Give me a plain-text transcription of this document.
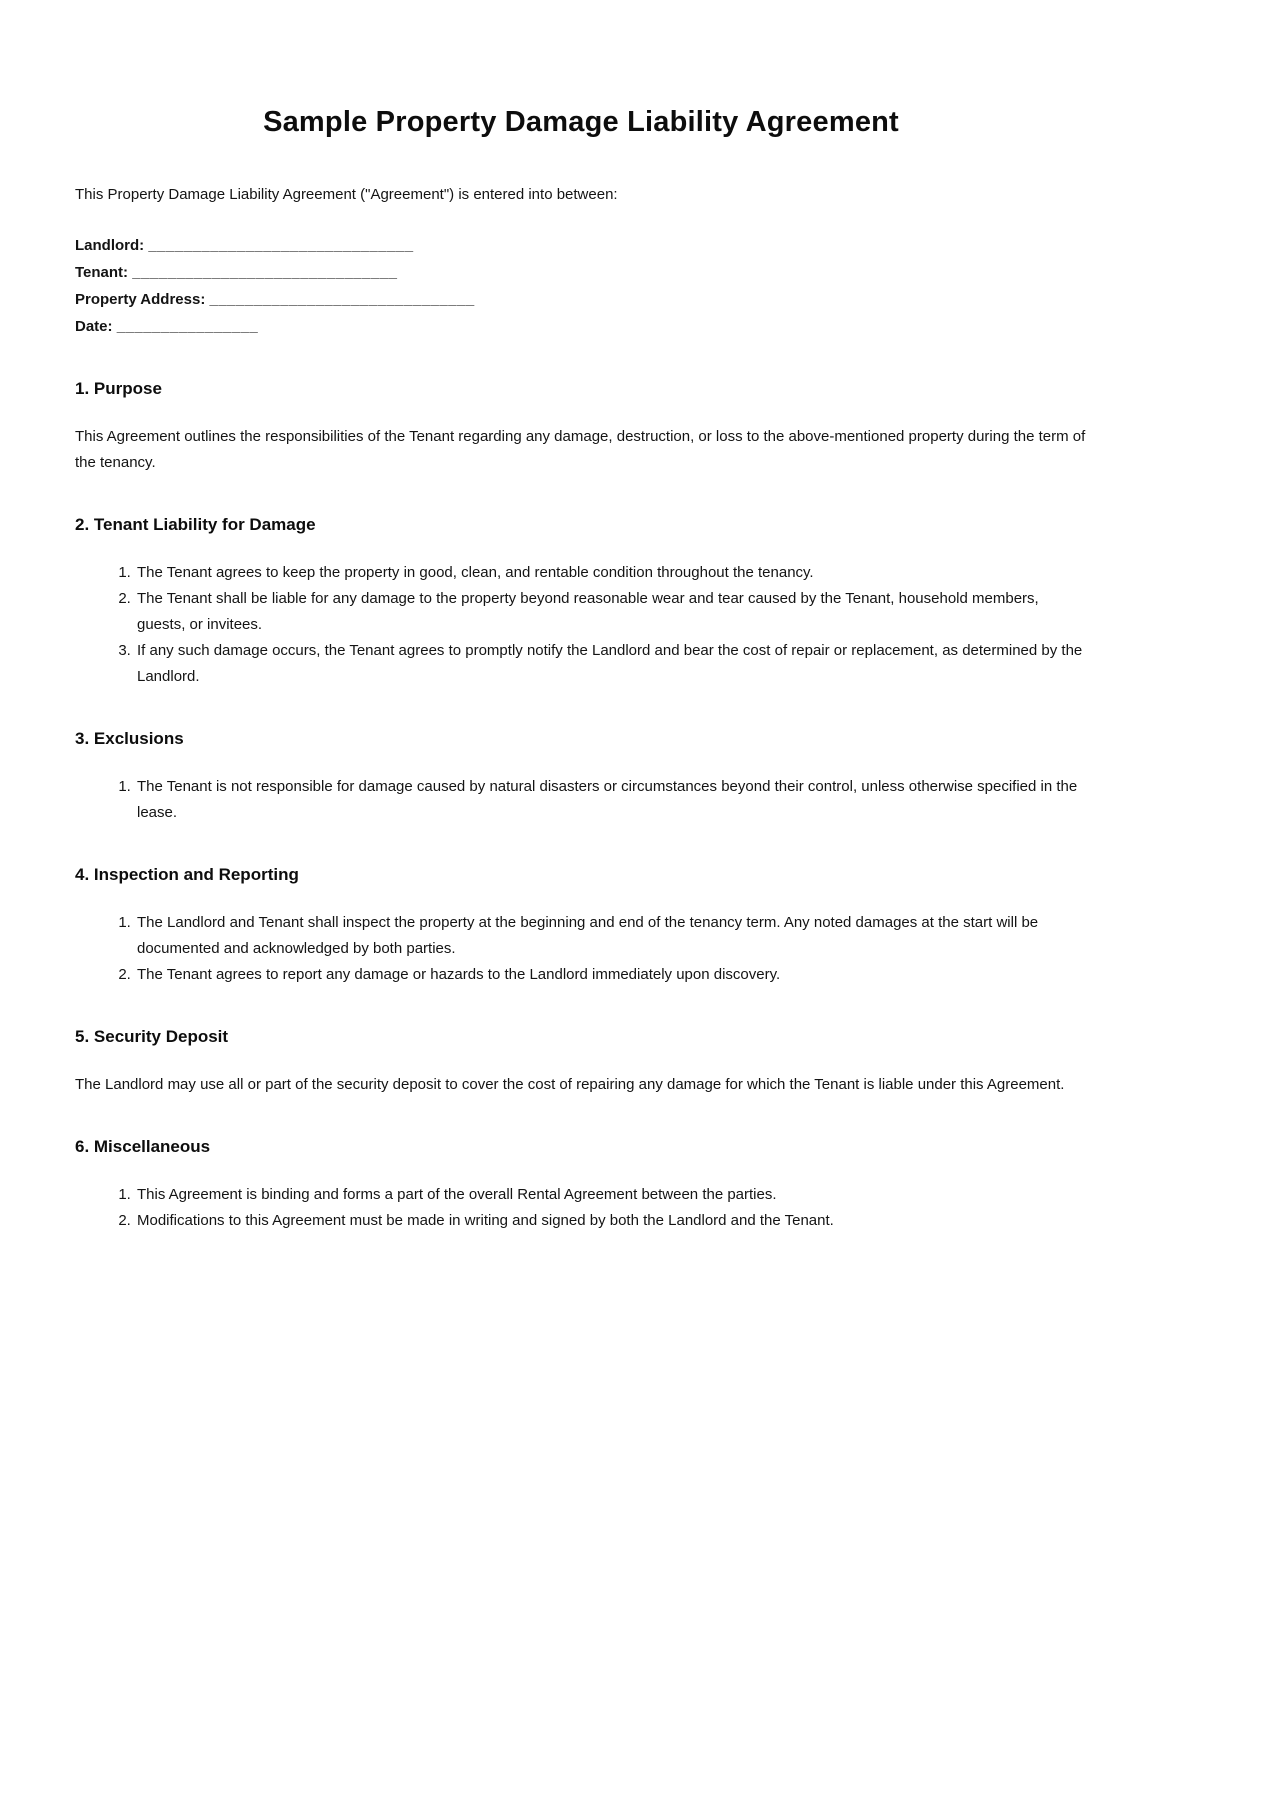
Sample Property Damage Liability Agreement

This Property Damage Liability Agreement ("Agreement") is entered into between:

Landlord: ______________________________

Tenant: ______________________________

Property Address: ______________________________

Date: ________________

1. Purpose

This Agreement outlines the responsibilities of the Tenant regarding any damage, destruction, or loss to the above-mentioned property during the term of the tenancy.

2. Tenant Liability for Damage
1. The Tenant agrees to keep the property in good, clean, and rentable condition throughout the tenancy.
2. The Tenant shall be liable for any damage to the property beyond reasonable wear and tear caused by the Tenant, household members, guests, or invitees.
3. If any such damage occurs, the Tenant agrees to promptly notify the Landlord and bear the cost of repair or replacement, as determined by the Landlord.
3. Exclusions
1. The Tenant is not responsible for damage caused by natural disasters or circumstances beyond their control, unless otherwise specified in the lease.
4. Inspection and Reporting
1. The Landlord and Tenant shall inspect the property at the beginning and end of the tenancy term. Any noted damages at the start will be documented and acknowledged by both parties.
2. The Tenant agrees to report any damage or hazards to the Landlord immediately upon discovery.
5. Security Deposit

The Landlord may use all or part of the security deposit to cover the cost of repairing any damage for which the Tenant is liable under this Agreement.

6. Miscellaneous
1. This Agreement is binding and forms a part of the overall Rental Agreement between the parties.
2. Modifications to this Agreement must be made in writing and signed by both the Landlord and the Tenant.
